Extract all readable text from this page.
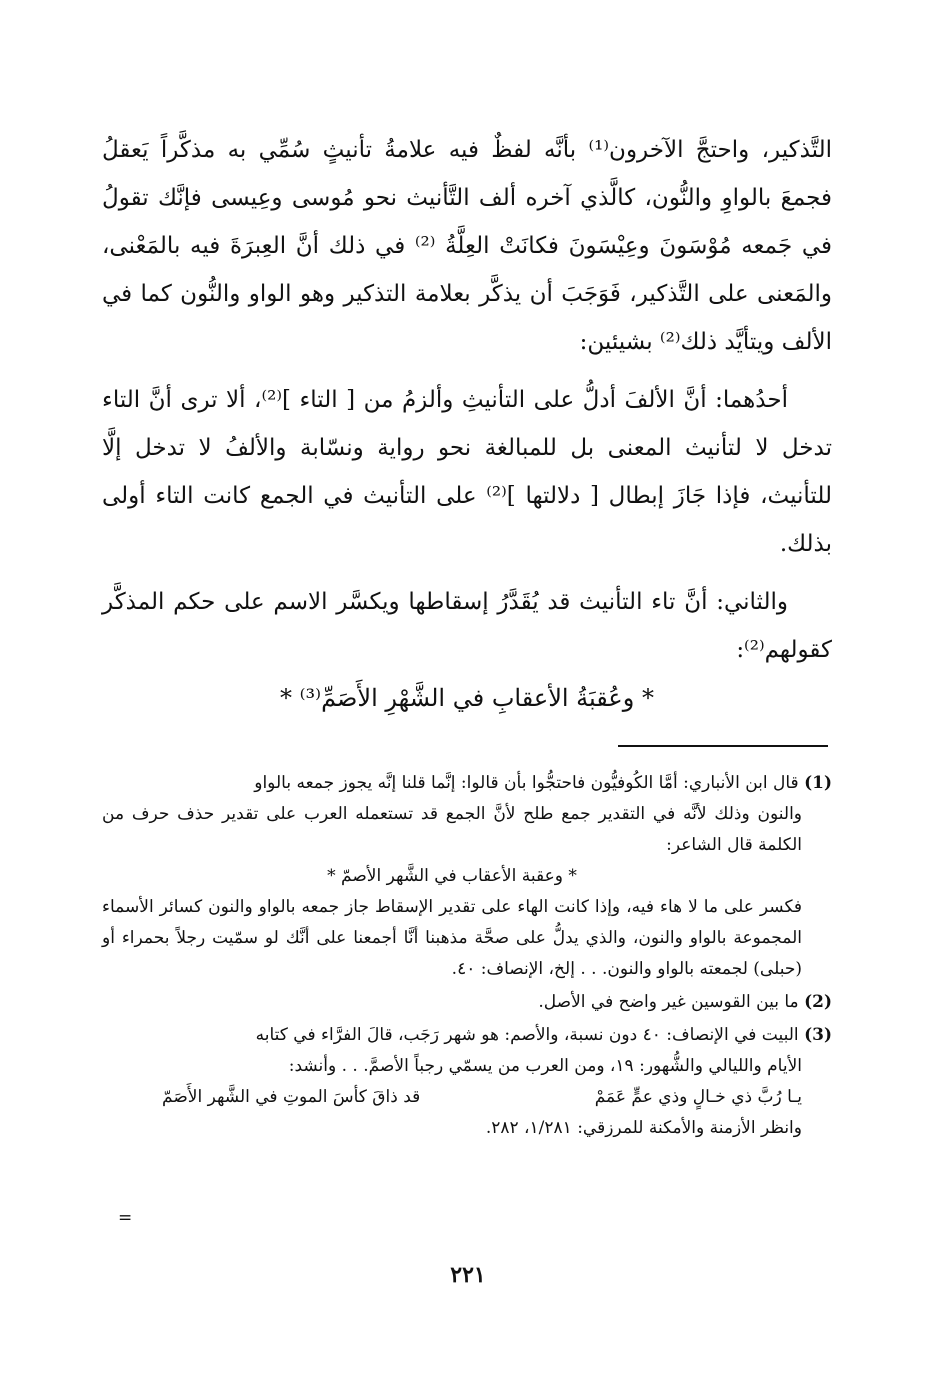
التَّذكير، واحتجَّ الآخرون⁽¹⁾ بأنَّه لفظٌ فيه علامةُ تأنيثٍ سُمِّي به مذكَّراً يَعقلُ فجمعَ بالواوِ والنُّون، كالَّذي آخره ألف التَّأنيث نحو مُوسى وعِيسى فإنَّك تقولُ في جَمعه مُوْسَونَ وعِيْسَونَ فكانَتْ العِلَّةُ ⁽²⁾ في ذلك أنَّ العِبرَةَ فيه بالمَعْنى، والمَعنى على التَّذكير، فَوَجَبَ أن يذكَّر بعلامة التذكير وهو الواو والنُّون كما في الألف ويتأيَّد ذلك⁽²⁾ بشيئين:

أحدُهما: أنَّ الألفَ أدلُّ على التأنيثِ وألزمُ من [ التاء ]⁽²⁾، ألا ترى أنَّ التاء تدخل لا لتأنيث المعنى بل للمبالغة نحو رواية ونسّابة والألفُ لا تدخل إلَّا للتأنيث، فإذا جَازَ إبطال [ دلالتها ]⁽²⁾ على التأنيث في الجمع كانت التاء أولى بذلك.

والثاني: أنَّ تاء التأنيث قد يُقَدَّرُ إسقاطها ويكسَّر الاسم على حكم المذكَّر كقولهم⁽²⁾:

* وعُقبَةُ الأعقابِ في الشَّهْرِ الأَصَمِّ⁽³⁾ *

(1) قال ابن الأنباري: أمَّا الكُوفيُّون فاحتجُّوا بأن قالوا: إنَّما قلنا إنَّه يجوز جمعه بالواو
والنون وذلك لأنَّه في التقدير جمع طلح لأنَّ الجمع قد تستعمله العرب على تقدير حذف حرف من الكلمة قال الشاعر:
* وعقبة الأعقاب في الشَّهر الأصمّ *
فكسر على ما لا هاء فيه، وإذا كانت الهاء على تقدير الإسقاط جاز جمعه بالواو والنون كسائر الأسماء المجموعة بالواو والنون، والذي يدلُّ على صحَّة مذهبنا أنَّا أجمعنا على أنَّك لو سمّيت رجلاً بحمراء أو (حبلى) لجمعته بالواو والنون. . . إلخ، الإنصاف: ٤٠.
(2) ما بين القوسين غير واضح في الأصل.
(3) البيت في الإنصاف: ٤٠ دون نسبة، والأصم: هو شهر رَجَب، قالَ الفرَّاء في كتابه
الأيام والليالي والشُّهور: ١٩، ومن العرب من يسمّي رجباً الأصمَّ. . . وأنشد:
يـا رُبَّ ذي خـالٍ وذي عمٍّ عَمَمْ
قد ذاقَ كأسَ الموتِ في الشَّهر الأَصَمّ
وانظر الأزمنة والأمكنة للمرزقي: ١/٢٨١، ٢٨٢.
=
٢٢١
